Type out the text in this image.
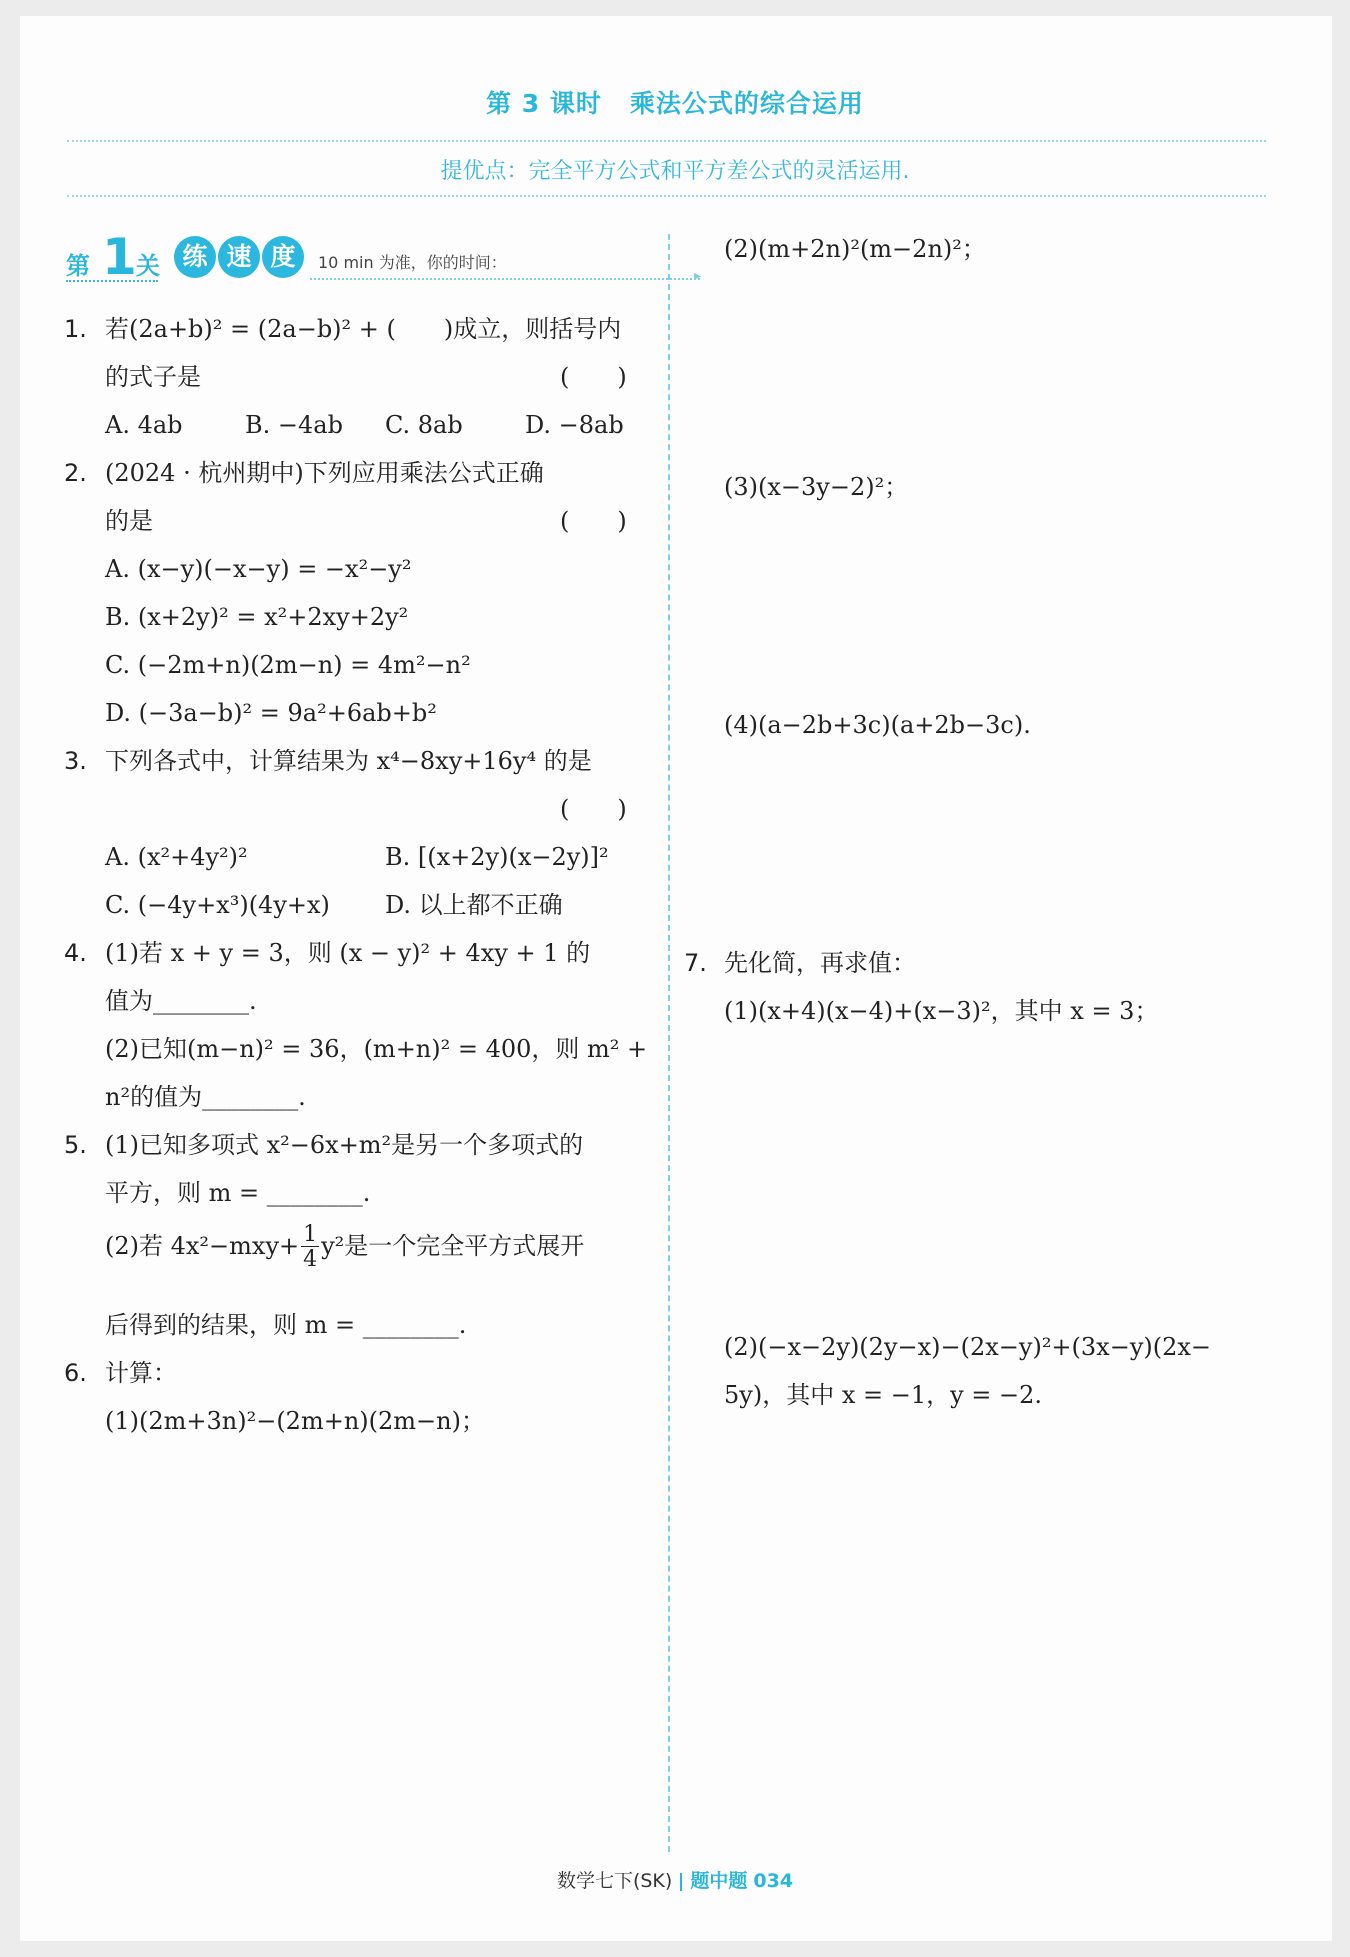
第 3 课时 乘法公式的综合运用
提优点：完全平方公式和平方差公式的灵活运用.
第 1 关 练 速 度	10 min 为准，你的时间：
▸
1. 若(2a+b)² = (2a−b)² + (　　)成立，则括号内
的式子是	(　　)
A. 4ab	B. −4ab C. 8ab	D. −8ab
2. (2024 · 杭州期中)下列应用乘法公式正确
的是	(　　)
A. (x−y)(−x−y) = −x²−y²
B. (x+2y)² = x²+2xy+2y²
C. (−2m+n)(2m−n) = 4m²−n²
D. (−3a−b)² = 9a²+6ab+b²
3. 下列各式中，计算结果为 x⁴−8xy+16y⁴ 的是
(　　)
A. (x²+4y²)²	B. [(x+2y)(x−2y)]²
C. (−4y+x³)(4y+x) D. 以上都不正确
4. (1)若 x + y = 3，则 (x − y)² + 4xy + 1 的
值为________.
(2)已知(m−n)² = 36，(m+n)² = 400，则 m² +
n²的值为________.
5. (1)已知多项式 x²−6x+m²是另一个多项式的
平方，则 m = ________.
(2)若 $4x^2-mxy+ \frac{1}{4} y^2$是一个完全平方式展开
后得到的结果，则 m = ________.
6. 计算：
(1)(2m+3n)²−(2m+n)(2m−n)；
(2)(m+2n)²(m−2n)²；
(3)(x−3y−2)²；
(4)(a−2b+3c)(a+2b−3c).
7. 先化简，再求值：
(1)(x+4)(x−4)+(x−3)²，其中 x = 3；
(2)(−x−2y)(2y−x)−(2x−y)²+(3x−y)(2x−
5y)，其中 x = −1，y = −2.
数学七下(SK) 题中题 034
